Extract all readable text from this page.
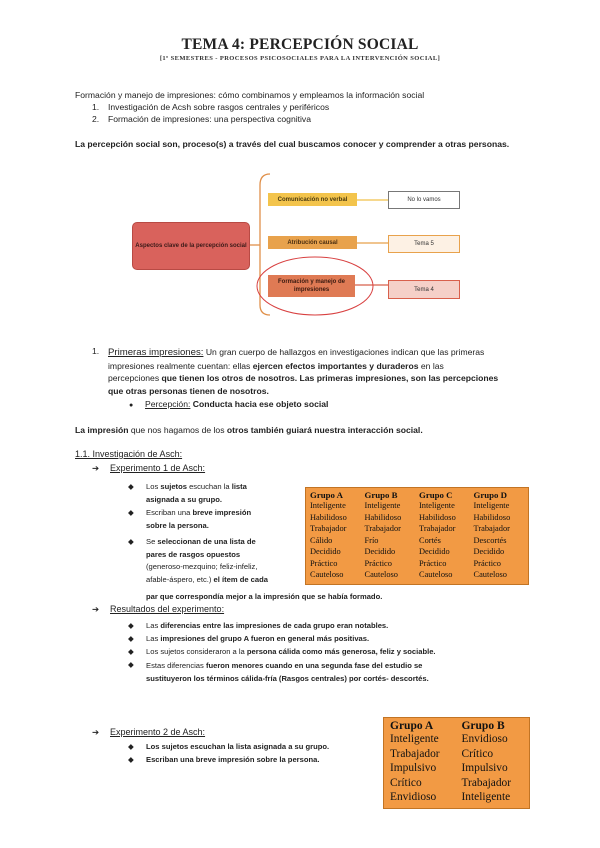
TEMA 4: PERCEPCIÓN SOCIAL
[1º SEMESTRES - PROCESOS PSICOSOCIALES PARA LA INTERVENCIÓN SOCIAL]
Formación y manejo de impresiones: cómo combinamos y empleamos la información social
1. Investigación de Acsh sobre rasgos centrales y periféricos
2. Formación de impresiones: una perspectiva cognitiva
La percepción social son, proceso(s) a través del cual buscamos conocer y comprender a otras personas.
Aspectos clave de la percepción social
Comunicación no verbal	No lo vamos
Atribución causal	Tema 5
Formación y manejo de impresiones	Tema 4
1. Primeras impresiones: Un gran cuerpo de hallazgos en investigaciones indican que las primeras
impresiones realmente cuentan: ellas ejercen efectos importantes y duraderos en las
percepciones que tienen los otros de nosotros. Las primeras impresiones, son las percepciones
que otras personas tienen de nosotros.
● Percepción: Conducta hacia ese objeto social
La impresión que nos hagamos de los otros también guiará nuestra interacción social.
1.1. Investigación de Asch:
➔ Experimento 1 de Asch:
◆ Los sujetos escuchan la lista
asignada a su grupo.
◆ Escriban una breve impresión
sobre la persona.
◆ Se seleccionan de una lista de
pares de rasgos opuestos
(generoso-mezquino; feliz-infeliz,
afable-áspero, etc.) el ítem de cada
par que correspondía mejor a la impresión que se había formado.
Grupo A	Grupo B	Grupo C	Grupo D
Inteligente	Inteligente	Inteligente	Inteligente
Habilidoso	Habilidoso	Habilidoso	Habilidoso
Trabajador	Trabajador	Trabajador	Trabajador
Cálido	Frío	Cortés	Descortés
Decidido	Decidido	Decidido	Decidido
Práctico	Práctico	Práctico	Práctico
Cauteloso	Cauteloso	Cauteloso	Cauteloso
➔ Resultados del experimento:
◆ Las diferencias entre las impresiones de cada grupo eran notables.
◆ Las impresiones del grupo A fueron en general más positivas.
◆ Los sujetos consideraron a la persona cálida como más generosa, feliz y sociable.
◆ Estas diferencias fueron menores cuando en una segunda fase del estudio se
sustituyeron los términos cálida-fría (Rasgos centrales) por cortés- descortés.
➔ Experimento 2 de Asch:
◆ Los sujetos escuchan la lista asignada a su grupo.
◆ Escriban una breve impresión sobre la persona.
Grupo A	Grupo B
Inteligente	Envidioso
Trabajador	Crítico
Impulsivo	Impulsivo
Crítico	Trabajador
Envidioso	Inteligente
